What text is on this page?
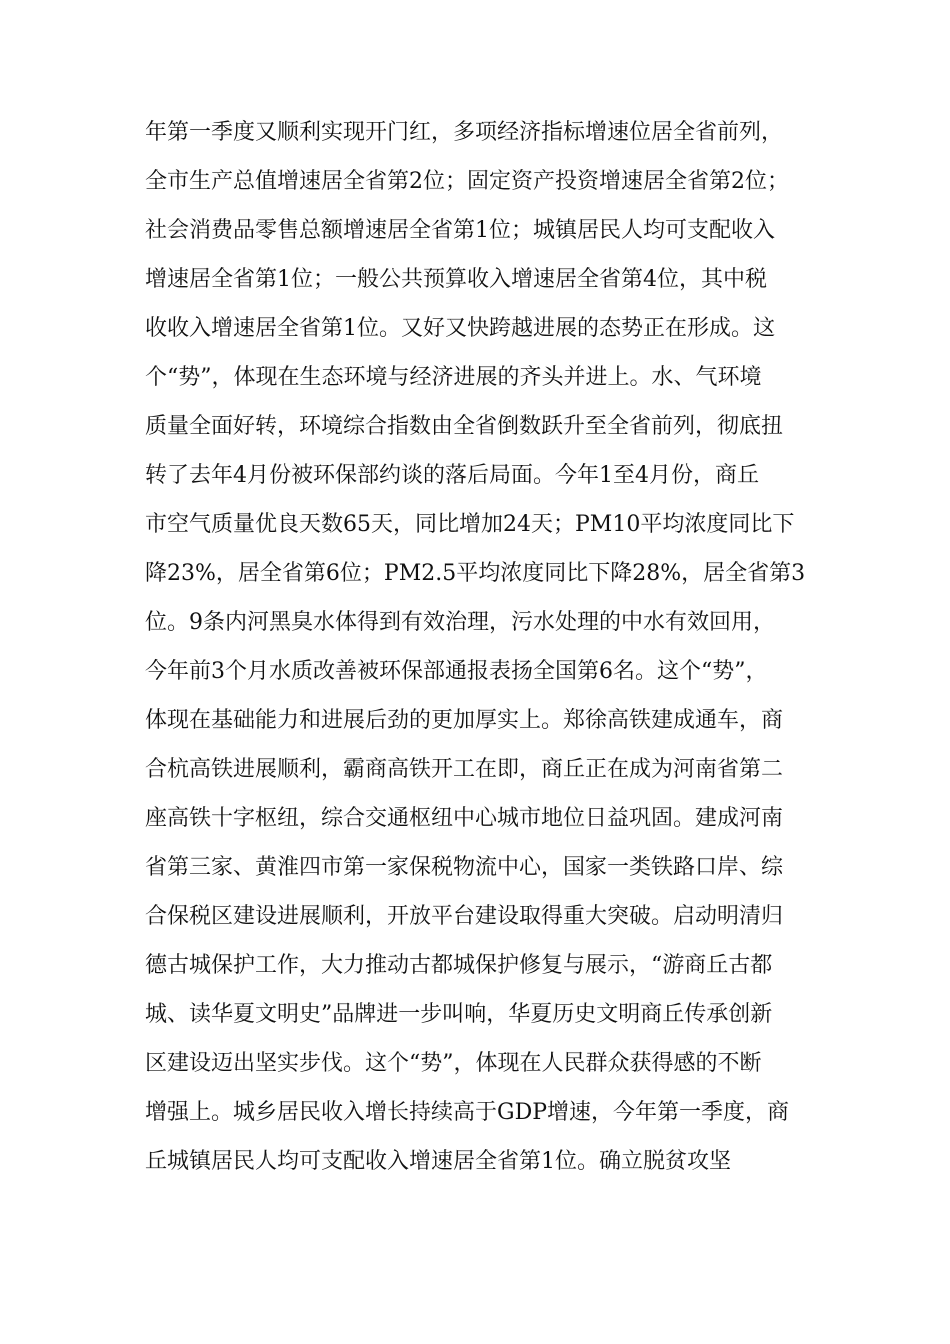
年第一季度又顺利实现开门红，多项经济指标增速位居全省前列，
全市生产总值增速居全省第2位；固定资产投资增速居全省第2位；
社会消费品零售总额增速居全省第1位；城镇居民人均可支配收入
增速居全省第1位；一般公共预算收入增速居全省第4位，其中税
收收入增速居全省第1位。又好又快跨越进展的态势正在形成。这
个“势”，体现在生态环境与经济进展的齐头并进上。水、气环境
质量全面好转，环境综合指数由全省倒数跃升至全省前列，彻底扭
转了去年4月份被环保部约谈的落后局面。今年1至4月份，商丘
市空气质量优良天数65天，同比增加24天；PM10平均浓度同比下
降23%，居全省第6位；PM2.5平均浓度同比下降28%，居全省第3
位。9条内河黑臭水体得到有效治理，污水处理的中水有效回用，
今年前3个月水质改善被环保部通报表扬全国第6名。这个“势”，
体现在基础能力和进展后劲的更加厚实上。郑徐高铁建成通车，商
合杭高铁进展顺利，霸商高铁开工在即，商丘正在成为河南省第二
座高铁十字枢纽，综合交通枢纽中心城市地位日益巩固。建成河南
省第三家、黄淮四市第一家保税物流中心，国家一类铁路口岸、综
合保税区建设进展顺利，开放平台建设取得重大突破。启动明清归
德古城保护工作，大力推动古都城保护修复与展示，“游商丘古都
城、读华夏文明史”品牌进一步叫响，华夏历史文明商丘传承创新
区建设迈出坚实步伐。这个“势”，体现在人民群众获得感的不断
增强上。城乡居民收入增长持续高于GDP增速，今年第一季度，商
丘城镇居民人均可支配收入增速居全省第1位。确立脱贫攻坚
